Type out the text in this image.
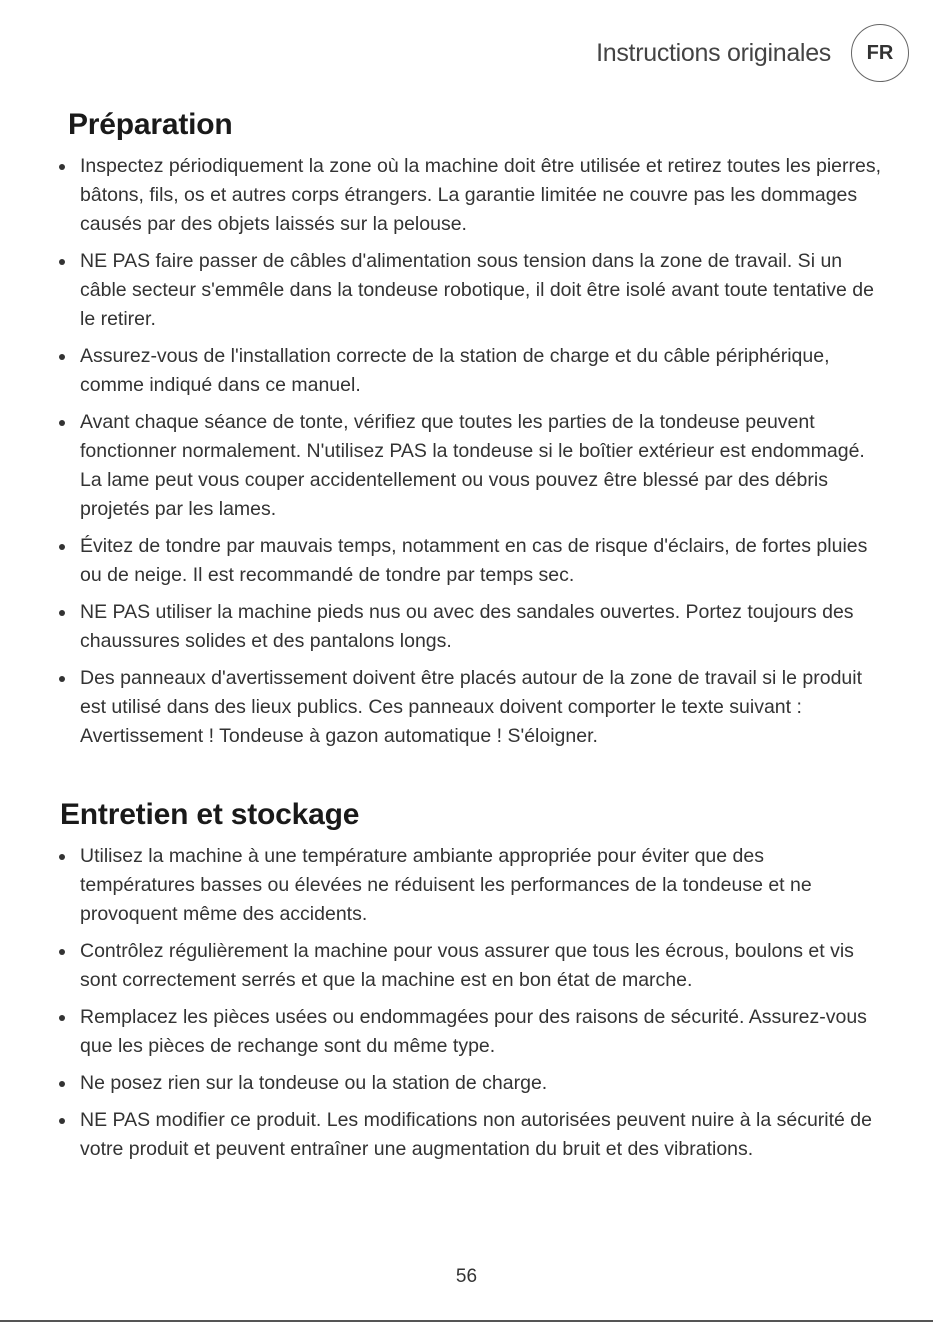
Instructions originales	FR
Préparation
Inspectez périodiquement la zone où la machine doit être utilisée et retirez toutes les pierres, bâtons, fils, os et autres corps étrangers. La garantie limitée ne couvre pas les dommages causés par des objets laissés sur la pelouse.
NE PAS faire passer de câbles d'alimentation sous tension dans la zone de travail. Si un câble secteur s'emmêle dans la tondeuse robotique, il doit être isolé avant toute tentative de le retirer.
Assurez-vous de l'installation correcte de la station de charge et du câble périphérique, comme indiqué dans ce manuel.
Avant chaque séance de tonte, vérifiez que toutes les parties de la tondeuse peuvent fonctionner normalement. N'utilisez PAS la tondeuse si le boîtier extérieur est endommagé. La lame peut vous couper accidentellement ou vous pouvez être blessé par des débris projetés par les lames.
Évitez de tondre par mauvais temps, notamment en cas de risque d'éclairs, de fortes pluies ou de neige. Il est recommandé de tondre par temps sec.
NE PAS utiliser la machine pieds nus ou avec des sandales ouvertes. Portez toujours des chaussures solides et des pantalons longs.
Des panneaux d'avertissement doivent être placés autour de la zone de travail si le produit est utilisé dans des lieux publics. Ces panneaux doivent comporter le texte suivant : Avertissement ! Tondeuse à gazon automatique ! S'éloigner.
Entretien et stockage
Utilisez la machine à une température ambiante appropriée pour éviter que des températures basses ou élevées ne réduisent les performances de la tondeuse et ne provoquent même des accidents.
Contrôlez régulièrement la machine pour vous assurer que tous les écrous, boulons et vis sont correctement serrés et que la machine est en bon état de marche.
Remplacez les pièces usées ou endommagées pour des raisons de sécurité. Assurez-vous que les pièces de rechange sont du même type.
Ne posez rien sur la tondeuse ou la station de charge.
NE PAS modifier ce produit. Les modifications non autorisées peuvent nuire à la sécurité de votre produit et peuvent entraîner une augmentation du bruit et des vibrations.
56
